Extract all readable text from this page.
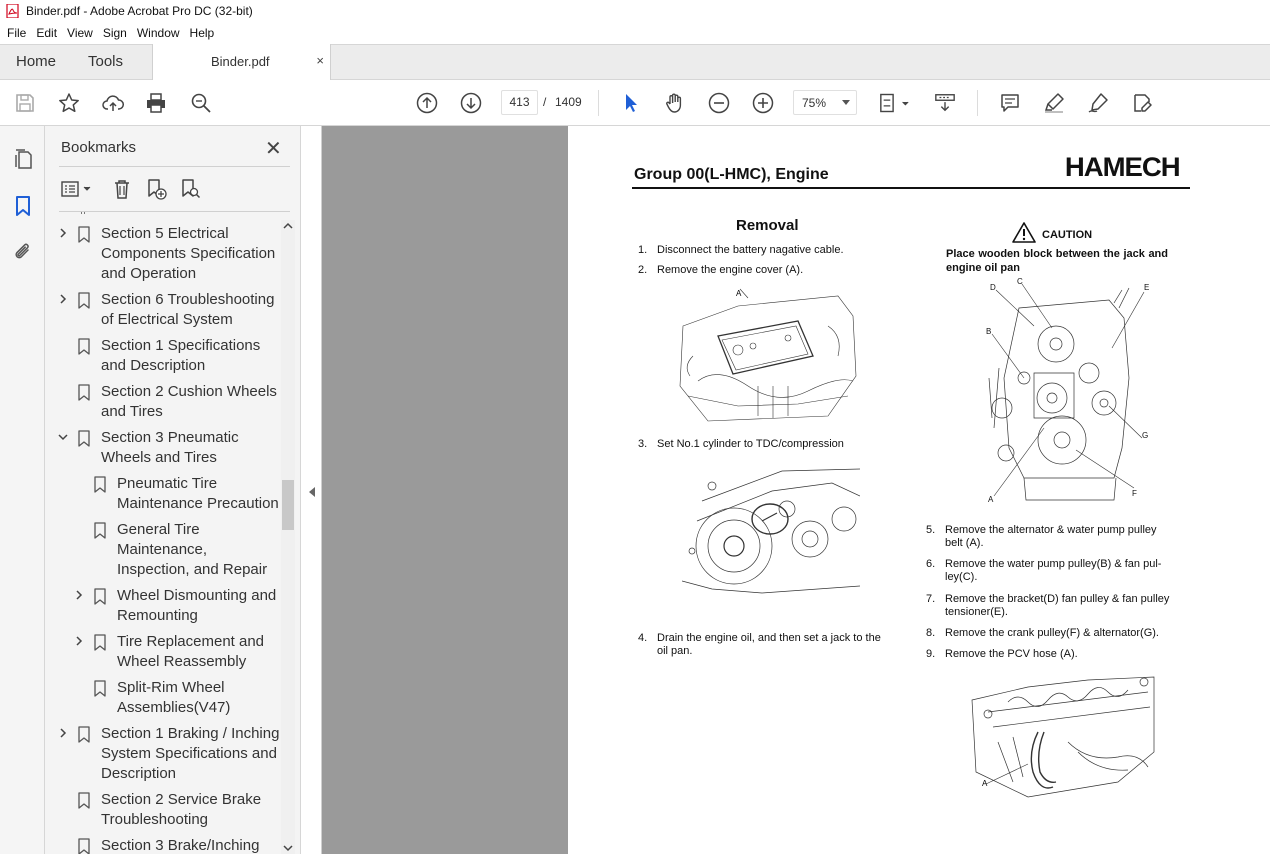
Binder.pdf - Adobe Acrobat Pro DC (32-bit)
File Edit View Sign Window Help
Home Tools	Binder.pdf	×
413	/ 1409	75%
Bookmarks	✕
Section 5 Electrical
Components Specification
and Operation
Section 6 Troubleshooting
of Electrical System
Section 1 Specifications
and Description
Section 2 Cushion Wheels
and Tires
Section 3 Pneumatic
Wheels and Tires
Pneumatic Tire
Maintenance Precaution
General Tire
Maintenance,
Inspection, and Repair
Wheel Dismounting and
Remounting
Tire Replacement and
Wheel Reassembly
Split-Rim Wheel
Assemblies(V47)
Section 1 Braking / Inching
System Specifications and
Description
Section 2 Service Brake
Troubleshooting
Section 3 Brake/Inching
Group 00(L-HMC), Engine	HAMECH
Removal
1. Disconnect the battery nagative cable.
2. Remove the engine cover (A).
A
3. Set No.1 cylinder to TDC/compression
4. Drain the engine oil, and then set a jack to the
oil pan.
CAUTION
Place wooden block between the jack and engine oil pan
D
C
E
B
G
A
F
5. Remove the alternator & water pump pulley
belt (A).
6. Remove the water pump pulley(B) & fan pul-
ley(C).
7. Remove the bracket(D) fan pulley & fan pulley
tensioner(E).
8. Remove the crank pulley(F) & alternator(G).
9. Remove the PCV hose (A).
A
